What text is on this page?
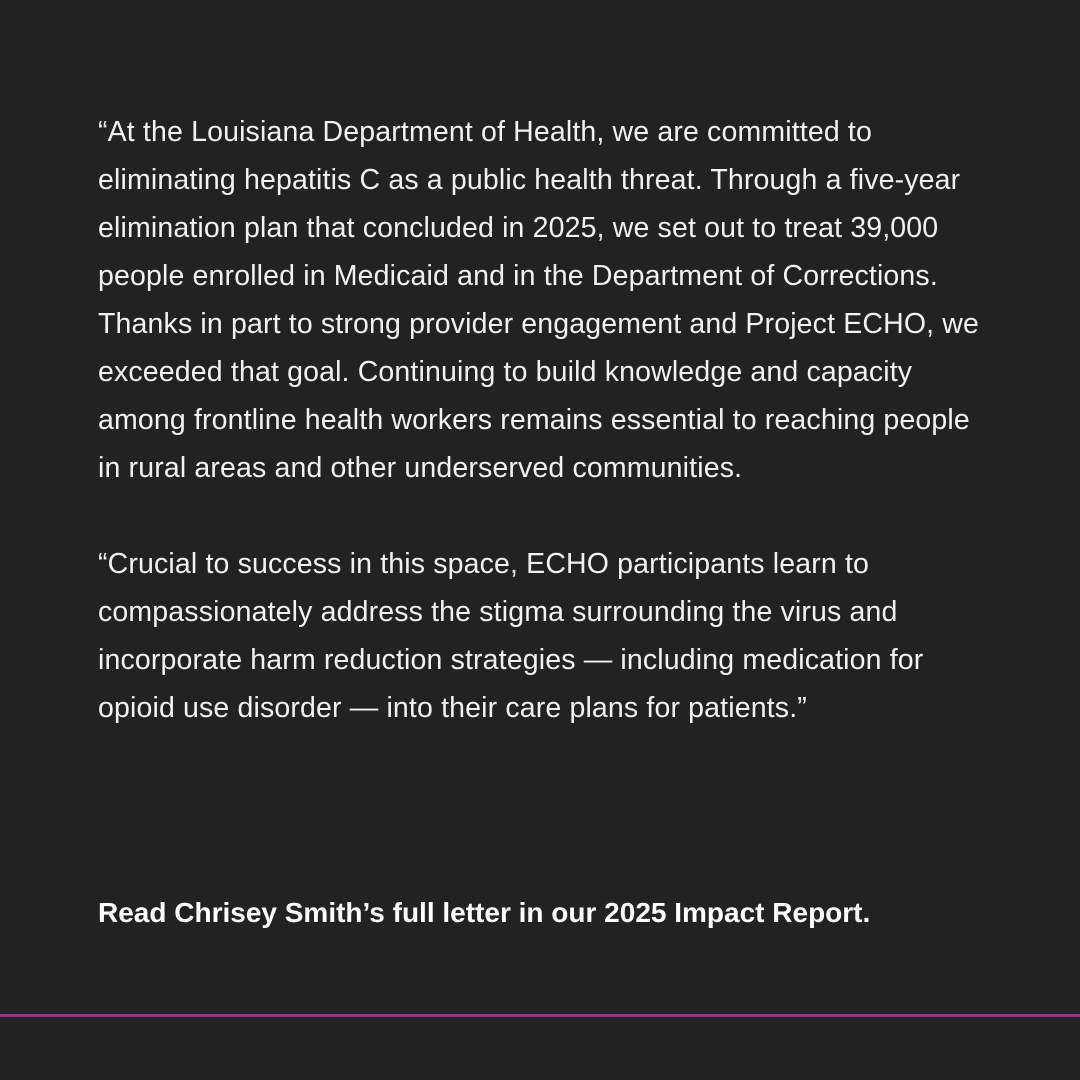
“At the Louisiana Department of Health, we are committed to eliminating hepatitis C as a public health threat. Through a five-year elimination plan that concluded in 2025, we set out to treat 39,000 people enrolled in Medicaid and in the Department of Corrections. Thanks in part to strong provider engagement and Project ECHO, we exceeded that goal. Continuing to build knowledge and capacity among frontline health workers remains essential to reaching people in rural areas and other underserved communities.

“Crucial to success in this space, ECHO participants learn to compassionately address the stigma surrounding the virus and incorporate harm reduction strategies — including medication for opioid use disorder — into their care plans for patients.”

Read Chrisey Smith’s full letter in our 2025 Impact Report.
